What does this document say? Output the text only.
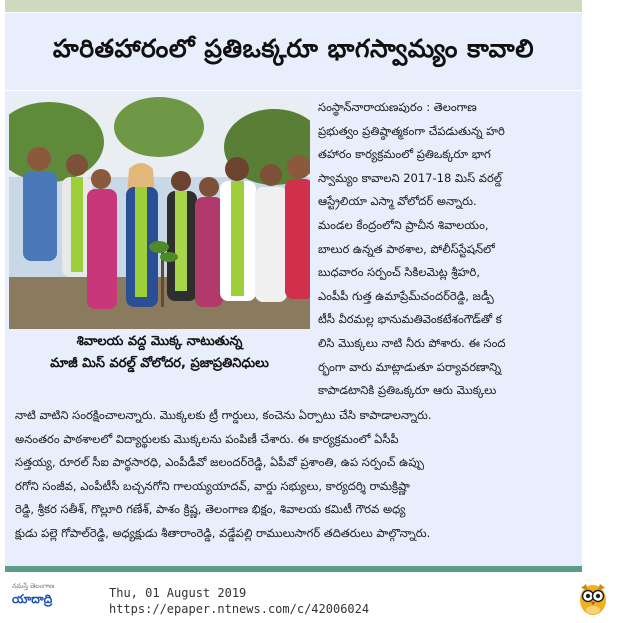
హరితహారంలో ప్రతిఒక్కరూ భాగస్వామ్యం కావాలి
శివాలయ వద్ద మొక్క నాటుతున్న
మాజీ మిస్ వరల్డ్ వోలోదర, ప్రజాప్రతినిధులు
సంస్థాన్‌నారాయణపురం : తెలంగాణ
ప్రభుత్వం ప్రతిష్ఠాత్మకంగా చేపడుతున్న హరి
తహారం కార్యక్రమంలో ప్రతిఒక్కరూ భాగ
స్వామ్యం కావాలని 2017-18 మిస్ వరల్డ్
ఆస్ట్రేలియా ఎస్మా వోలోదర్ అన్నారు.
మండల కేంద్రంలోని ప్రాచీన శివాలయం,
బాలుర ఉన్నత పాఠశాల, పోలీస్‌స్టేషన్‌లో
బుధవారం సర్పంచ్ సికిలమెట్ల శ్రీహరి,
ఎంపీపీ గుత్త ఉమాప్రేమ్‌చందర్‌రెడ్డి, జడ్పీ
టీసీ వీరమల్ల భానుమతివెంకటేశంగౌడ్‌తో క
లిసి మొక్కలు నాటి నీరు పోశారు. ఈ సంద
ర్భంగా వారు మాట్లాడుతూ పర్యావరణాన్ని
కాపాడటానికి ప్రతిఒక్కరూ ఆరు మొక్కలు
నాటి వాటిని సంరక్షించాలన్నారు. మొక్కలకు ట్రీ గార్డులు, కంచెను ఏర్పాటు చేసి కాపాడాలన్నారు.
అనంతరం పాఠశాలలో విద్యార్థులకు మొక్కలను పంపిణీ చేశారు. ఈ కార్యక్రమంలో ఏసీపీ
సత్తయ్య, రూరల్ సీఐ పార్థసారధి, ఎంపీడీవో జలందర్‌రెడ్డి, ఏపీవో ప్రశాంతి, ఉప సర్పంచ్ ఉప్పు
రగోని సంజీవ, ఎంపీటీసీ బచ్చనగోని గాలయ్యయాదవ్, వార్డు సభ్యులు, కార్యదర్శి రామక్రిష్ణా
రెడ్డి, శ్రీకర సతీశ్, గొల్లూరి గణేశ్, పాశం క్రిష్ణ, తెలంగాణ భిక్షం, శివాలయ కమిటీ గౌరవ అధ్య
క్షుడు పల్లె గోపాల్‌రెడ్డి, అధ్యక్షుడు శీతారాంరెడ్డి, వడ్డేపల్లి రాములుసాగర్ తదితరులు పాల్గొన్నారు.
నమస్తే తెలంగాణ
యాదాద్రి	Thu, 01 August 2019
https://epaper.ntnews.com/c/42006024
